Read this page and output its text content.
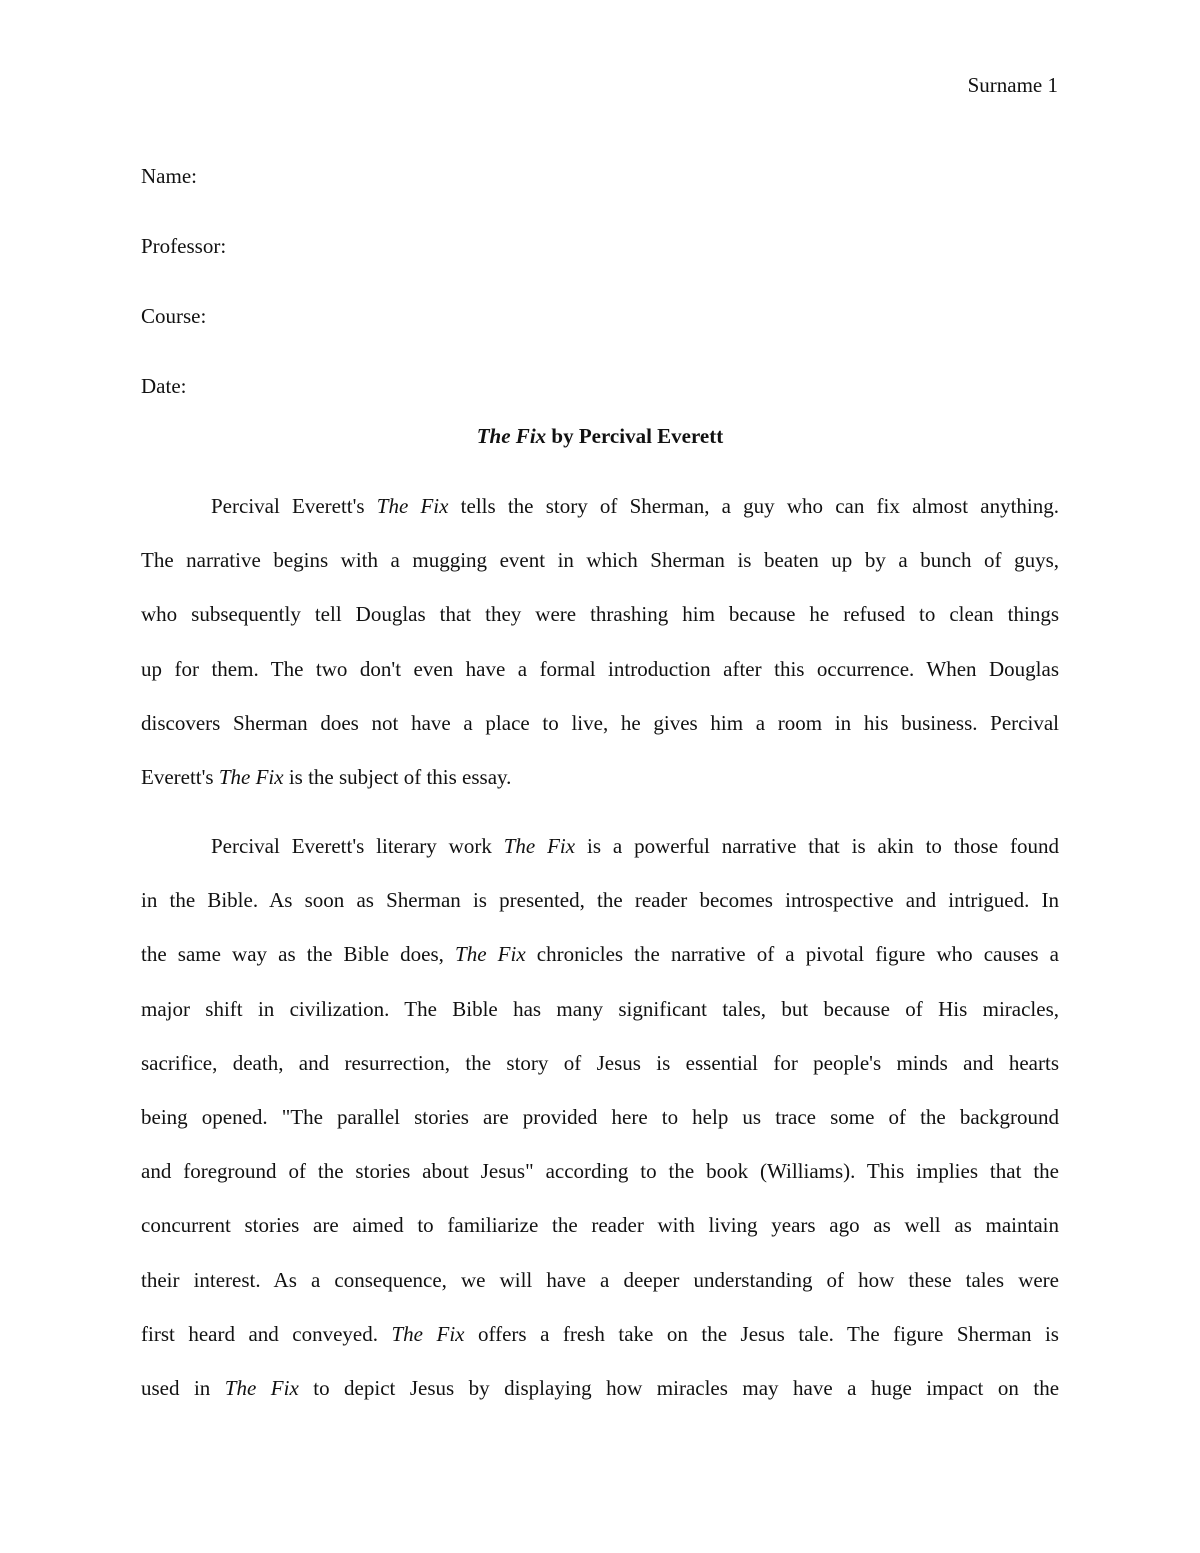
Surname 1
Name:
Professor:
Course:
Date:
The Fix by Percival Everett
Percival Everett's The Fix tells the story of Sherman, a guy who can fix almost anything.
The narrative begins with a mugging event in which Sherman is beaten up by a bunch of guys,
who subsequently tell Douglas that they were thrashing him because he refused to clean things
up for them. The two don't even have a formal introduction after this occurrence. When Douglas
discovers Sherman does not have a place to live, he gives him a room in his business. Percival
Everett's The Fix is the subject of this essay.
Percival Everett's literary work The Fix is a powerful narrative that is akin to those found
in the Bible. As soon as Sherman is presented, the reader becomes introspective and intrigued. In
the same way as the Bible does, The Fix chronicles the narrative of a pivotal figure who causes a
major shift in civilization. The Bible has many significant tales, but because of His miracles,
sacrifice, death, and resurrection, the story of Jesus is essential for people's minds and hearts
being opened. "The parallel stories are provided here to help us trace some of the background
and foreground of the stories about Jesus" according to the book (Williams). This implies that the
concurrent stories are aimed to familiarize the reader with living years ago as well as maintain
their interest. As a consequence, we will have a deeper understanding of how these tales were
first heard and conveyed. The Fix offers a fresh take on the Jesus tale. The figure Sherman is
used in The Fix to depict Jesus by displaying how miracles may have a huge impact on the
